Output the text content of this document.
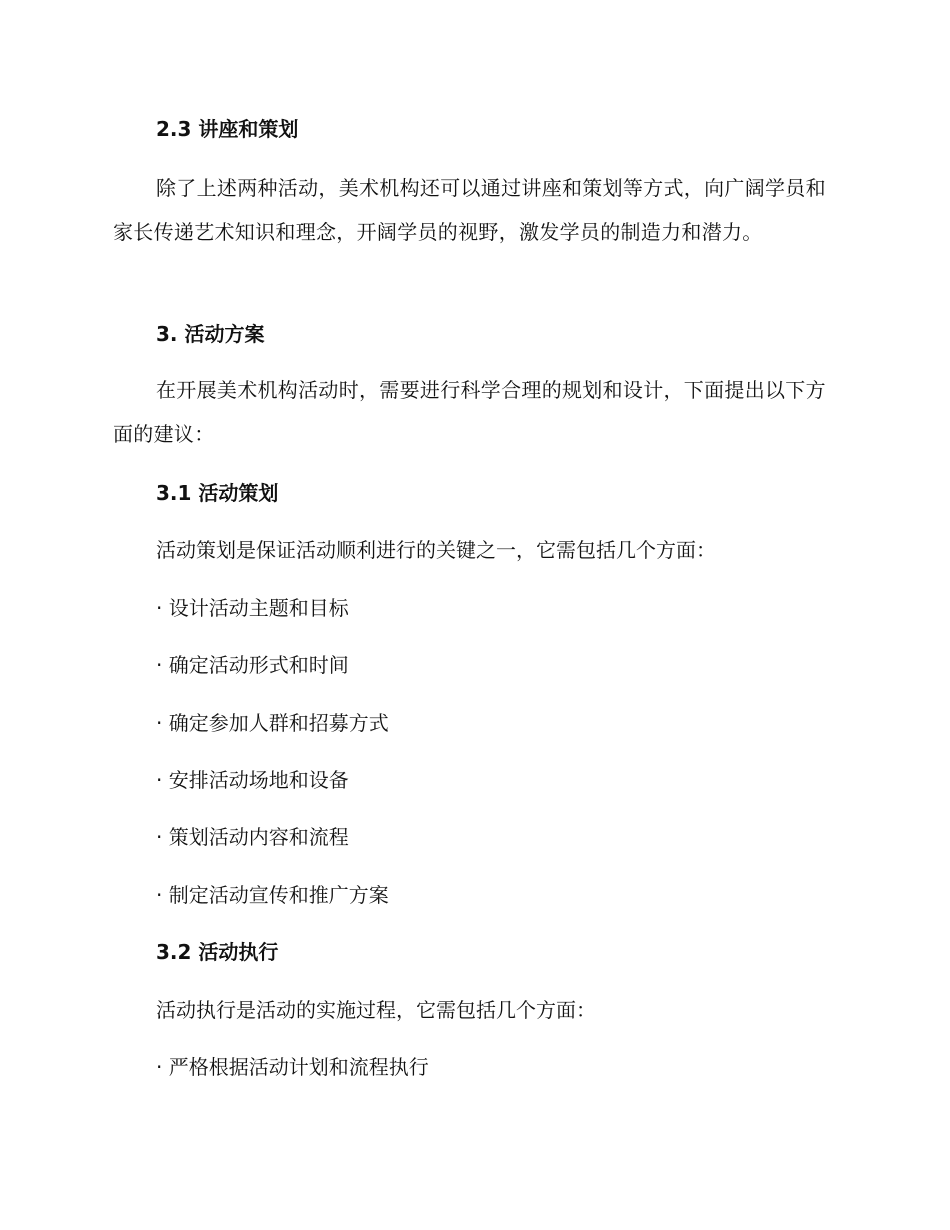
2.3 讲座和策划

除了上述两种活动，美术机构还可以通过讲座和策划等方式，向广阔学员和家长传递艺术知识和理念，开阔学员的视野，激发学员的制造力和潜力。

3. 活动方案

在开展美术机构活动时，需要进行科学合理的规划和设计，下面提出以下方面的建议：

3.1 活动策划

活动策划是保证活动顺利进行的关键之一，它需包括几个方面：

· 设计活动主题和目标

· 确定活动形式和时间

· 确定参加人群和招募方式

· 安排活动场地和设备

· 策划活动内容和流程

· 制定活动宣传和推广方案

3.2 活动执行

活动执行是活动的实施过程，它需包括几个方面：

· 严格根据活动计划和流程执行
